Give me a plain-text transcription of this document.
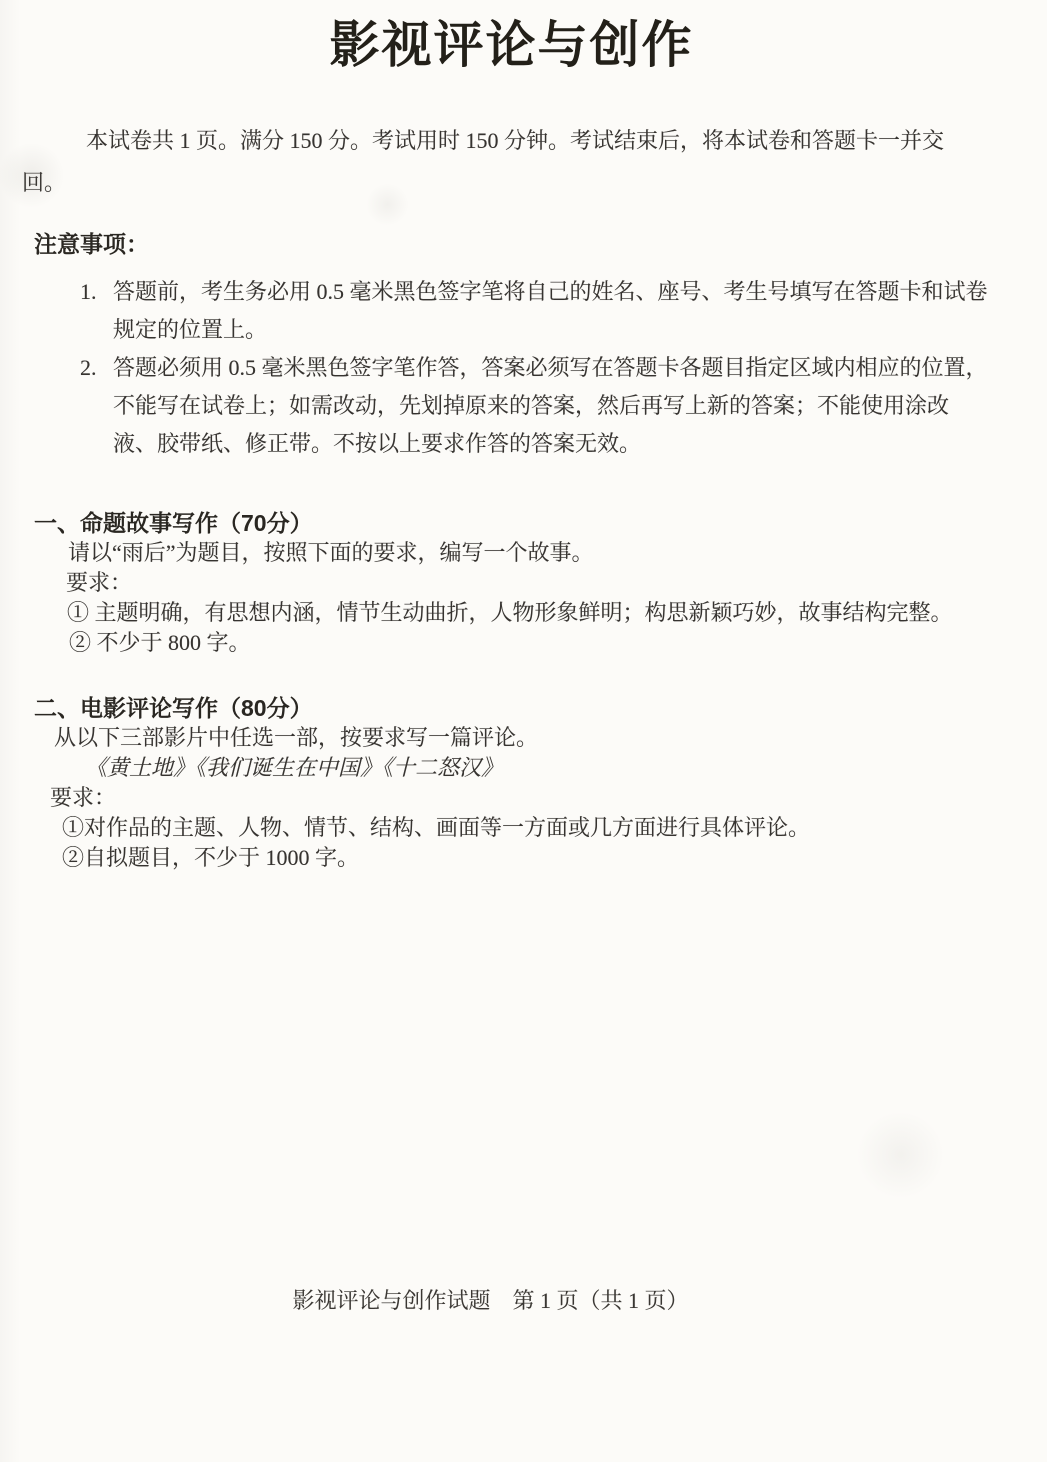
影视评论与创作

本试卷共 1 页。满分 150 分。考试用时 150 分钟。考试结束后，将本试卷和答题卡一并交
回。

注意事项：
1. 答题前，考生务必用 0.5 毫米黑色签字笔将自己的姓名、座号、考生号填写在答题卡和试卷规定的位置上。
2. 答题必须用 0.5 毫米黑色签字笔作答，答案必须写在答题卡各题目指定区域内相应的位置，不能写在试卷上；如需改动，先划掉原来的答案，然后再写上新的答案；不能使用涂改液、胶带纸、修正带。不按以上要求作答的答案无效。
一、命题故事写作（70分）

请以“雨后”为题目，按照下面的要求，编写一个故事。

要求：

① 主题明确，有思想内涵，情节生动曲折，人物形象鲜明；构思新颖巧妙，故事结构完整。

② 不少于 800 字。

二、电影评论写作（80分）

从以下三部影片中任选一部，按要求写一篇评论。

《黄土地》《我们诞生在中国》《十二怒汉》

要求：

①对作品的主题、人物、情节、结构、画面等一方面或几方面进行具体评论。

②自拟题目，不少于 1000 字。

影视评论与创作试题　第 1 页（共 1 页）
